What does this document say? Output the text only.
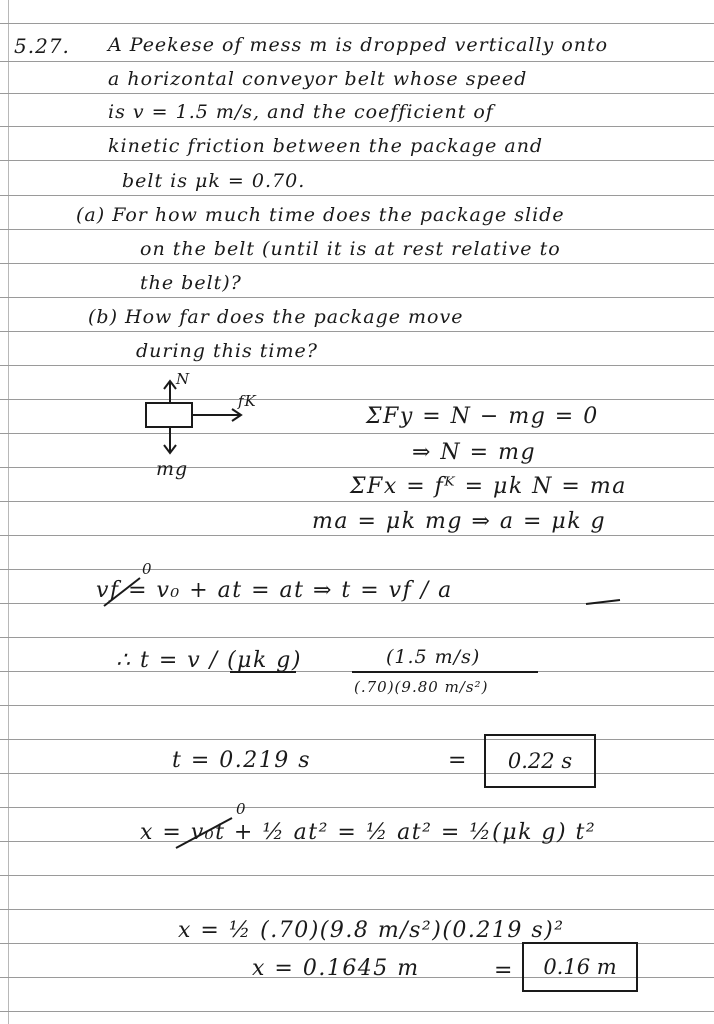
5.27. A Peekese of mess m is dropped vertically onto
a horizontal conveyor belt whose speed
is v = 1.5 m/s, and the coefficient of
kinetic friction between the package and
belt is μk = 0.70.
(a) For how much time does the package slide
on the belt (until it is at rest relative to
the belt)?
(b) How far does the package move
during this time?
N
fK
mg
ΣFy = N − mg = 0
⇒ N = mg
ΣFx = fᴷ = μk N = ma
ma = μk mg ⇒ a = μk g
0
vf = v₀ + at = at ⇒ t = vf / a
∴ t = v / (μk g)	(1.5 m/s)
(.70)(9.80 m/s²)
t = 0.219 s	=	0.22 s
0
x = v₀t + ½ at² = ½ at² = ½(μk g) t²
x = ½ (.70)(9.8 m/s²)(0.219 s)²
x = 0.1645 m	=	0.16 m
